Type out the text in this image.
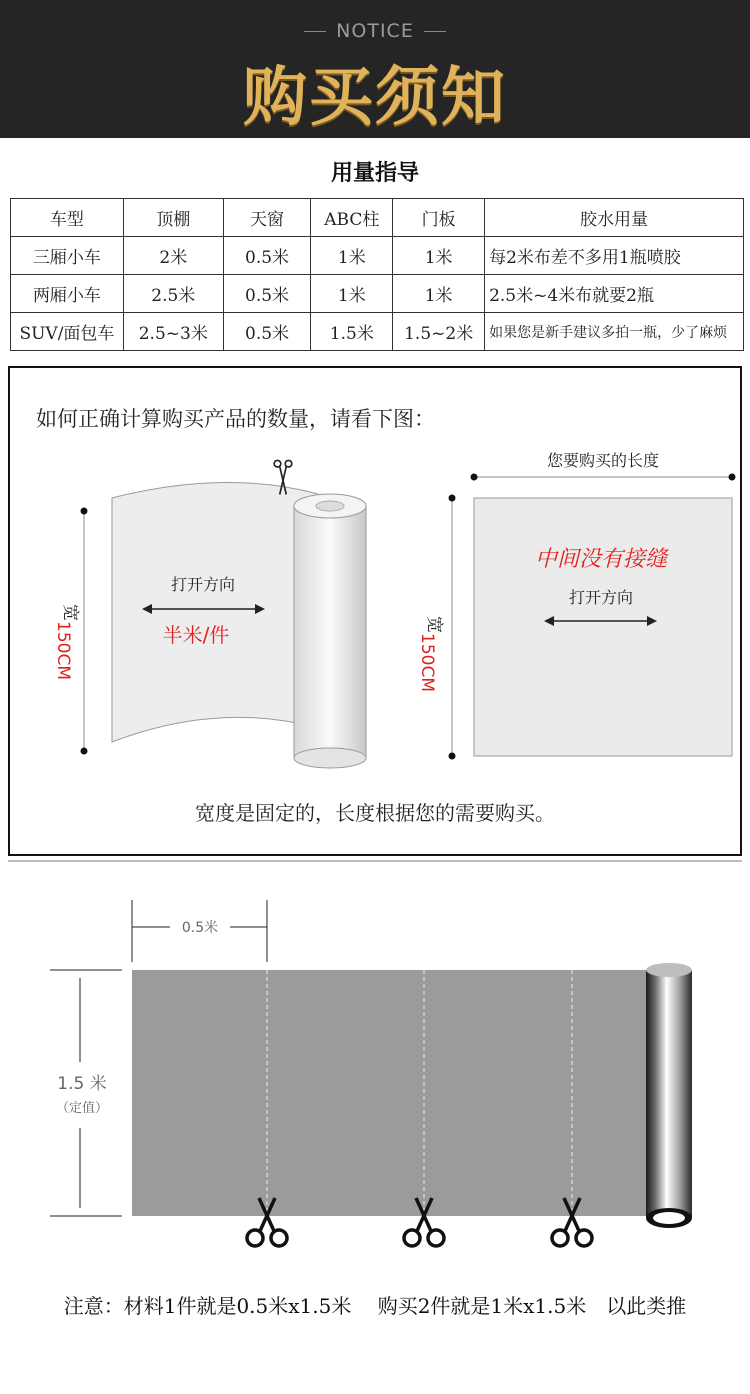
NOTICE
购买须知
用量指导
车型	顶棚	天窗	ABC柱	门板	胶水用量
三厢小车	2米	0.5米	1米	1米	每2米布差不多用1瓶喷胶
两厢小车	2.5米	0.5米	1米	1米	2.5米~4米布就要2瓶
SUV/面包车	2.5~3米	0.5米	1.5米	1.5~2米	如果您是新手建议多拍一瓶，少了麻烦
如何正确计算购买产品的数量，请看下图：
打开方向
半米/件
宽
150CM
您要购买的长度
中间没有接缝
打开方向
宽
150CM
0.5米
1.5 米
（定值）
宽度是固定的，长度根据您的需要购买。
注意：材料1件就是0.5米x1.5米　 购买2件就是1米x1.5米　以此类推
